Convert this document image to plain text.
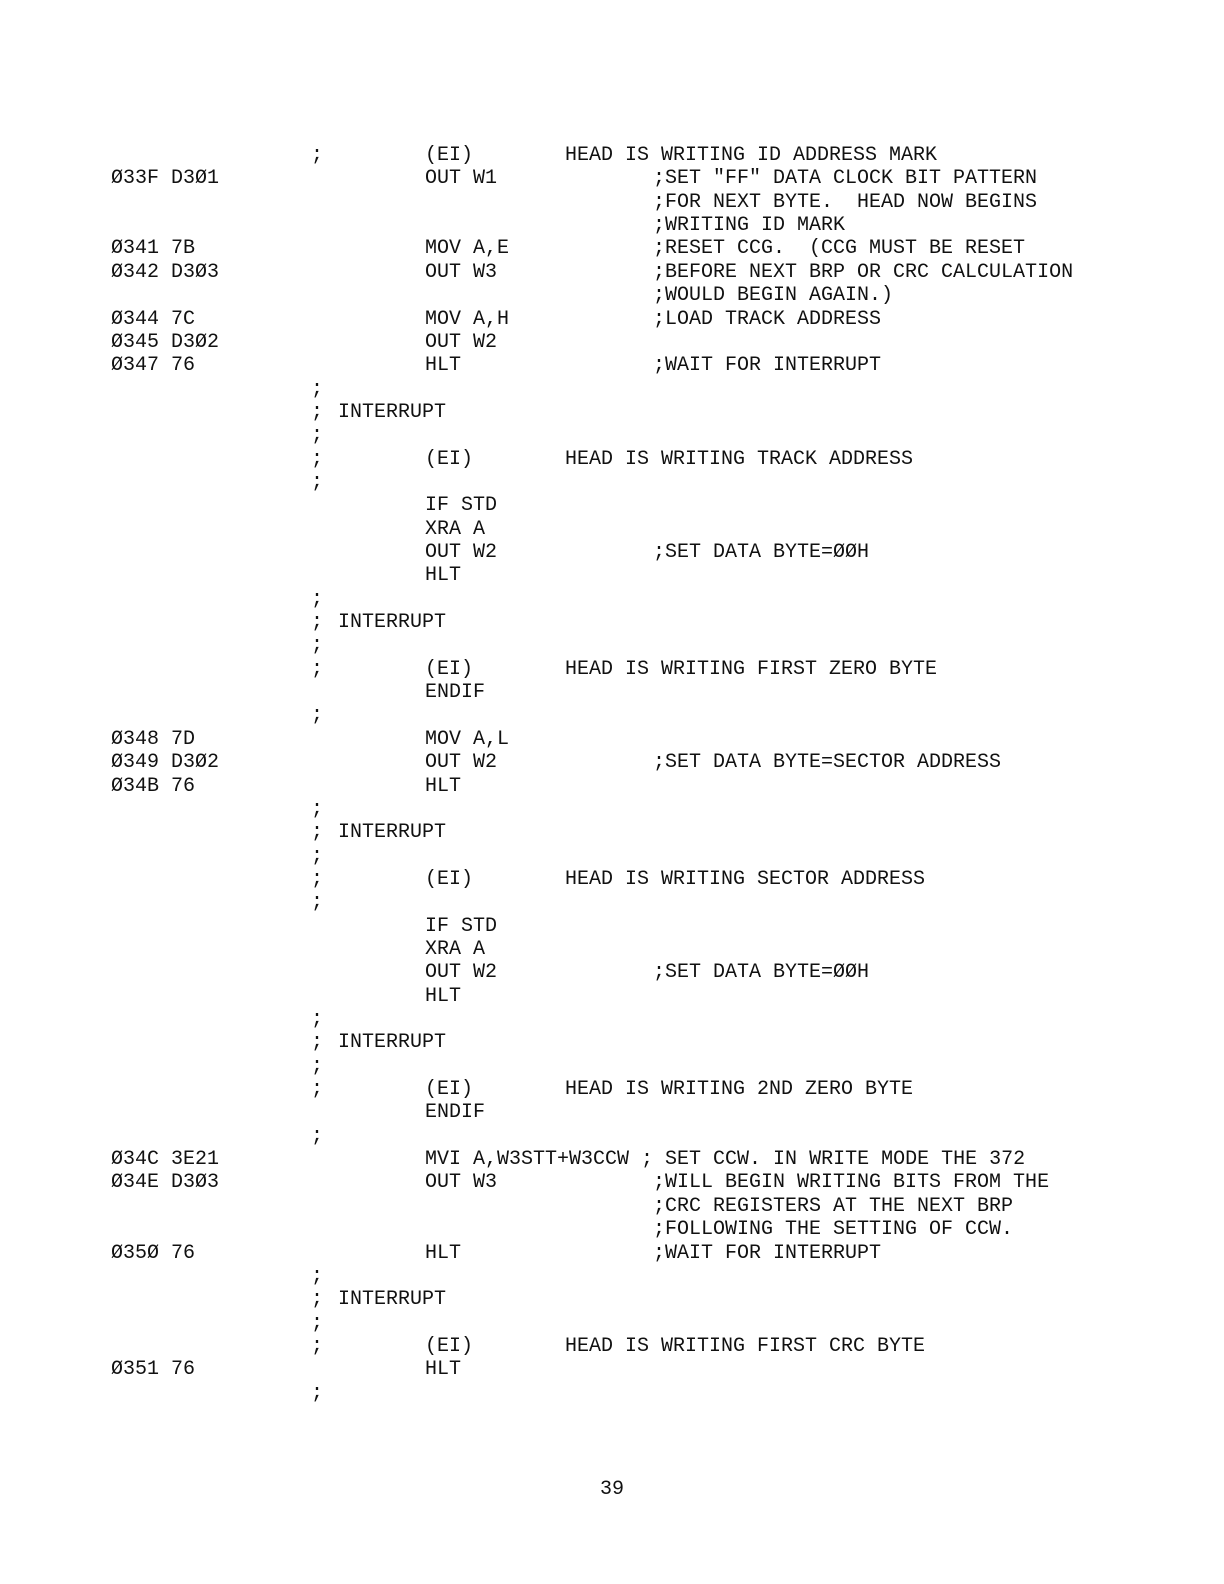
;	(EI)	HEAD IS WRITING ID ADDRESS MARK
Ø33F D3Ø1	OUT W1	;SET "FF" DATA CLOCK BIT PATTERN
;FOR NEXT BYTE.  HEAD NOW BEGINS
;WRITING ID MARK
Ø341 7B	MOV A,E	;RESET CCG.  (CCG MUST BE RESET
Ø342 D3Ø3	OUT W3	;BEFORE NEXT BRP OR CRC CALCULATION
;WOULD BEGIN AGAIN.)
Ø344 7C	MOV A,H	;LOAD TRACK ADDRESS
Ø345 D3Ø2	OUT W2
Ø347 76	HLT	;WAIT FOR INTERRUPT
;
; INTERRUPT
;
;	(EI)	HEAD IS WRITING TRACK ADDRESS
;
IF STD
XRA A
OUT W2	;SET DATA BYTE=ØØH
HLT
;
; INTERRUPT
;
;	(EI)	HEAD IS WRITING FIRST ZERO BYTE
ENDIF
;
Ø348 7D	MOV A,L
Ø349 D3Ø2	OUT W2	;SET DATA BYTE=SECTOR ADDRESS
Ø34B 76	HLT
;
; INTERRUPT
;
;	(EI)	HEAD IS WRITING SECTOR ADDRESS
;
IF STD
XRA A
OUT W2	;SET DATA BYTE=ØØH
HLT
;
; INTERRUPT
;
;	(EI)	HEAD IS WRITING 2ND ZERO BYTE
ENDIF
;
Ø34C 3E21	MVI A,W3STT+W3CCW ; SET CCW. IN WRITE MODE THE 372
Ø34E D3Ø3	OUT W3	;WILL BEGIN WRITING BITS FROM THE
;CRC REGISTERS AT THE NEXT BRP
;FOLLOWING THE SETTING OF CCW.
Ø35Ø 76	HLT	;WAIT FOR INTERRUPT
;
; INTERRUPT
;
;	(EI)	HEAD IS WRITING FIRST CRC BYTE
Ø351 76	HLT
;
39
